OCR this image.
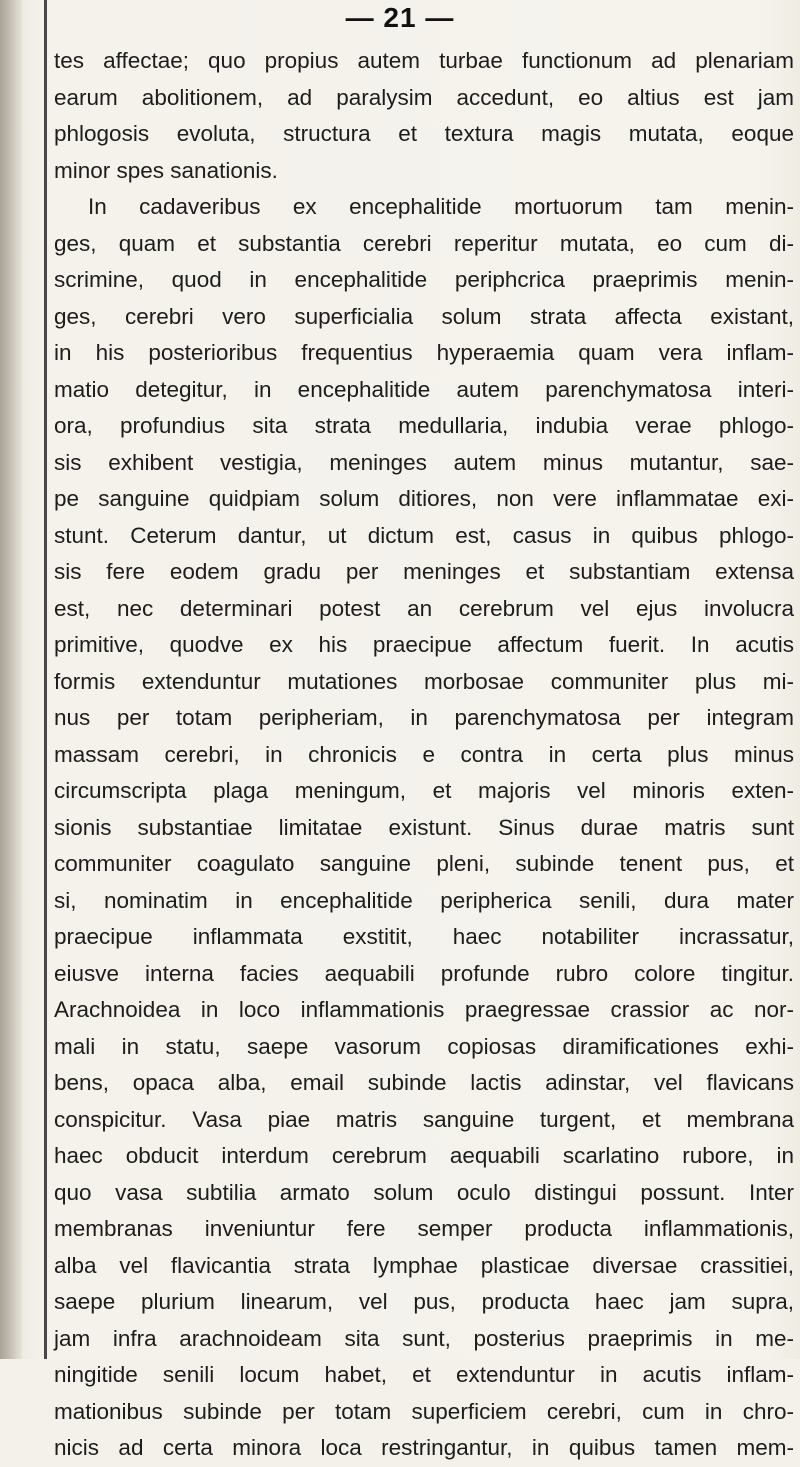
— 21 —
tes affectae; quo propius autem turbae functionum ad plenariam
earum abolitionem, ad paralysim accedunt, eo altius est jam
phlogosis evoluta, structura et textura magis mutata, eoque
minor spes sanationis.
In cadaveribus ex encephalitide mortuorum tam menin-
ges, quam et substantia cerebri reperitur mutata, eo cum di-
scrimine, quod in encephalitide periphcrica praeprimis menin-
ges, cerebri vero superficialia solum strata affecta existant,
in his posterioribus frequentius hyperaemia quam vera inflam-
matio detegitur, in encephalitide autem parenchymatosa interi-
ora, profundius sita strata medullaria, indubia verae phlogo-
sis exhibent vestigia, meninges autem minus mutantur, sae-
pe sanguine quidpiam solum ditiores, non vere inflammatae exi-
stunt. Ceterum dantur, ut dictum est, casus in quibus phlogo-
sis fere eodem gradu per meninges et substantiam extensa
est, nec determinari potest an cerebrum vel ejus involucra
primitive, quodve ex his praecipue affectum fuerit. In acutis
formis extenduntur mutationes morbosae communiter plus mi-
nus per totam peripheriam, in parenchymatosa per integram
massam cerebri, in chronicis e contra in certa plus minus
circumscripta plaga meningum, et majoris vel minoris exten-
sionis substantiae limitatae existunt. Sinus durae matris sunt
communiter coagulato sanguine pleni, subinde tenent pus, et
si, nominatim in encephalitide peripherica senili, dura mater
praecipue inflammata exstitit, haec notabiliter incrassatur,
eiusve interna facies aequabili profunde rubro colore tingitur.
Arachnoidea in loco inflammationis praegressae crassior ac nor-
mali in statu, saepe vasorum copiosas diramificationes exhi-
bens, opaca alba, email subinde lactis adinstar, vel flavicans
conspicitur. Vasa piae matris sanguine turgent, et membrana
haec obducit interdum cerebrum aequabili scarlatino rubore, in
quo vasa subtilia armato solum oculo distingui possunt. Inter
membranas inveniuntur fere semper producta inflammationis,
alba vel flavicantia strata lymphae plasticae diversae crassitiei,
saepe plurium linearum, vel pus, producta haec jam supra,
jam infra arachnoideam sita sunt, posterius praeprimis in me-
ningitide senili locum habet, et extenduntur in acutis inflam-
mationibus subinde per totam superficiem cerebri, cum in chro-
nicis ad certa minora loca restringantur, in quibus tamen mem-
